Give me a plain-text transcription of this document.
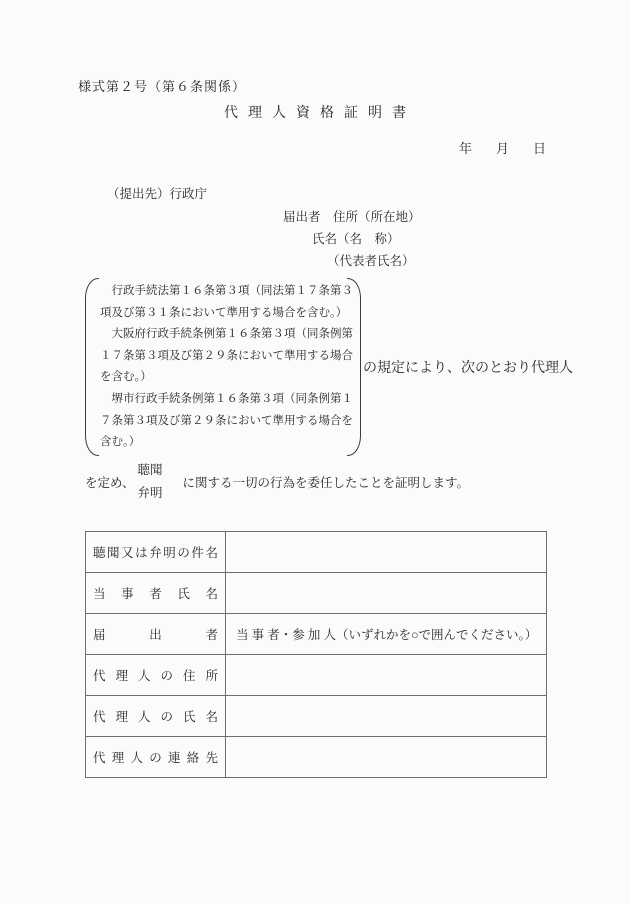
様式第２号（第６条関係）
代理人資格証明書
年 月 日
（提出先）行政庁
届出者　住所（所在地）
氏名（名　称）
（代表者氏名）

行政手続法第１６条第３項（同法第１７条第３項及び第３１条において準用する場合を含む。）

大阪府行政手続条例第１６条第３項（同条例第１７条第３項及び第２９条において準用する場合を含む。）

堺市行政手続条例第１６条第３項（同条例第１７条第３項及び第２９条において準用する場合を含む。）

の規定により、次のとおり代理人
を定め、
聴聞
弁明
に関する一切の行為を委任したことを証明します。
聴聞又は弁明の件名	
当事者氏名	
届出者	当 事 者・参 加 人（いずれかを○で囲んでください。）
代理人の住所	
代理人の氏名	
代理人の連絡先	
